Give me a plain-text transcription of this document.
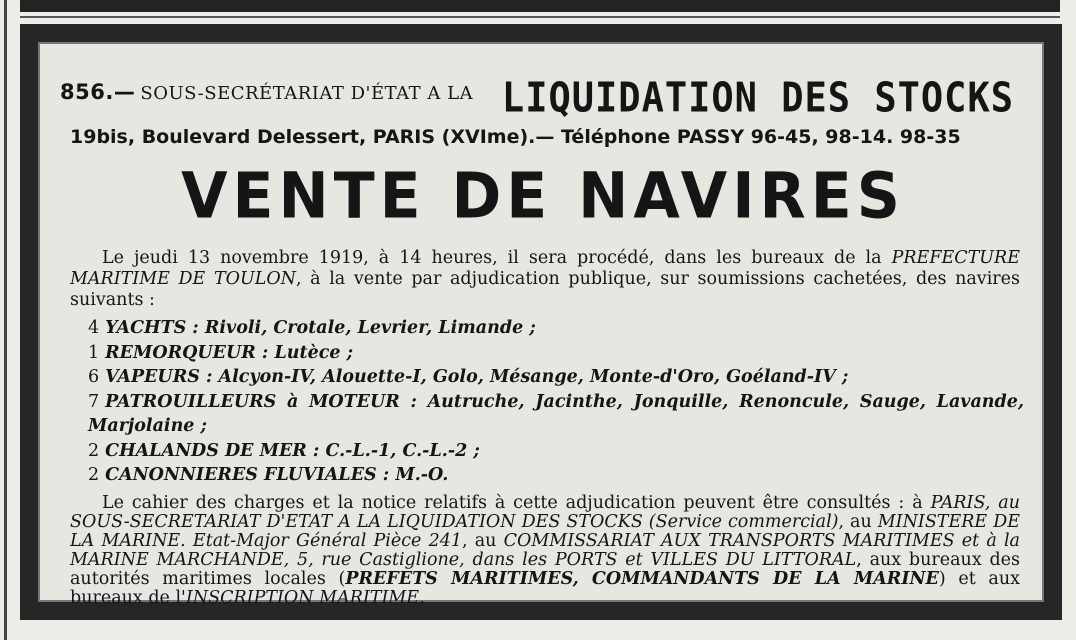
856.— SOUS-SECRÉTARIAT D'ÉTAT A LA LIQUIDATION DES STOCKS
19bis, Boulevard Delessert, PARIS (XVIme).— Téléphone PASSY 96-45, 98-14. 98-35
VENTE DE NAVIRES
Le jeudi 13 novembre 1919, à 14 heures, il sera procédé, dans les bureaux de la PREFECTURE MARITIME DE TOULON, à la vente par adjudication publique, sur soumissions cachetées, des navires suivants :
4 YACHTS : Rivoli, Crotale, Levrier, Limande ;
1 REMORQUEUR : Lutèce ;
6 VAPEURS : Alcyon-IV, Alouette-I, Golo, Mésange, Monte-d'Oro, Goéland-IV ;
7 PATROUILLEURS à MOTEUR : Autruche, Jacinthe, Jonquille, Renoncule, Sauge, Lavande, Marjolaine ;
2 CHALANDS DE MER : C.-L.-1, C.-L.-2 ;
2 CANONNIERES FLUVIALES : M.-O.
Le cahier des charges et la notice relatifs à cette adjudication peuvent être consultés : à PARIS, au SOUS-SECRETARIAT D'ETAT A LA LIQUIDATION DES STOCKS (Service commercial), au MINISTERE DE LA MARINE. Etat-Major Général Pièce 241, au COMMISSARIAT AUX TRANSPORTS MARITIMES et à la MARINE MARCHANDE, 5, rue Castiglione, dans les PORTS et VILLES DU LITTORAL, aux bureaux des autorités maritimes locales (PREFETS MARITIMES, COMMANDANTS DE LA MARINE) et aux bureaux de l'INSCRIPTION MARITIME.
